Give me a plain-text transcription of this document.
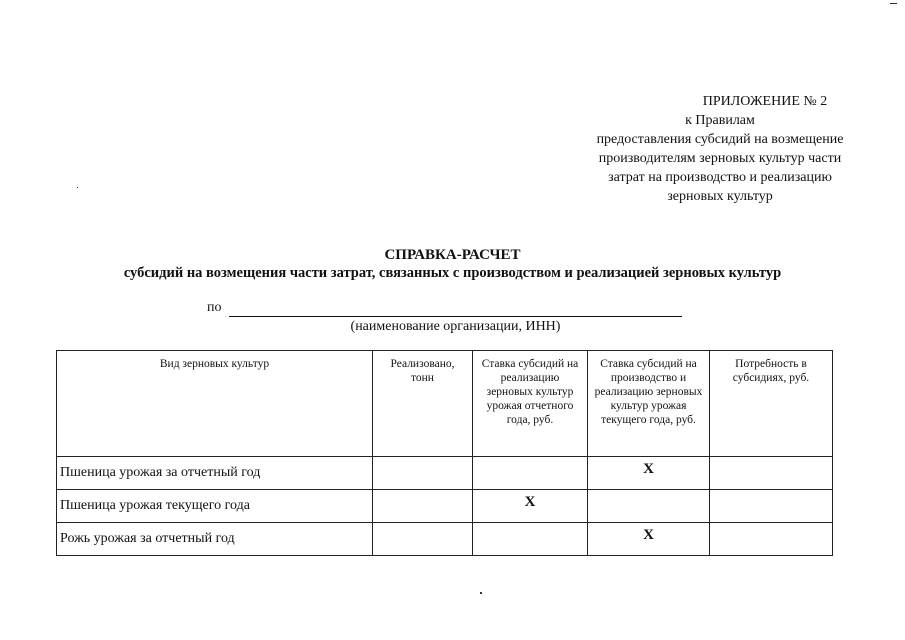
ПРИЛОЖЕНИЕ № 2
к Правилам
предоставления субсидий на возмещение
производителям зерновых культур части
затрат на производство и реализацию
зерновых культур
СПРАВКА-РАСЧЕТ
субсидий на возмещения части затрат, связанных с производством и реализацией зерновых культур
по
(наименование организации, ИНН)
Вид зерновых культур	Реализовано, тонн	Ставка субсидий на реализацию зерновых культур урожая отчетного года, руб.	Ставка субсидий на производство и реализацию зерновых культур урожая текущего года, руб.	Потребность в субсидиях, руб.
Пшеница урожая за отчетный год			X	
Пшеница урожая текущего года		X		
Рожь урожая за отчетный год			X	
